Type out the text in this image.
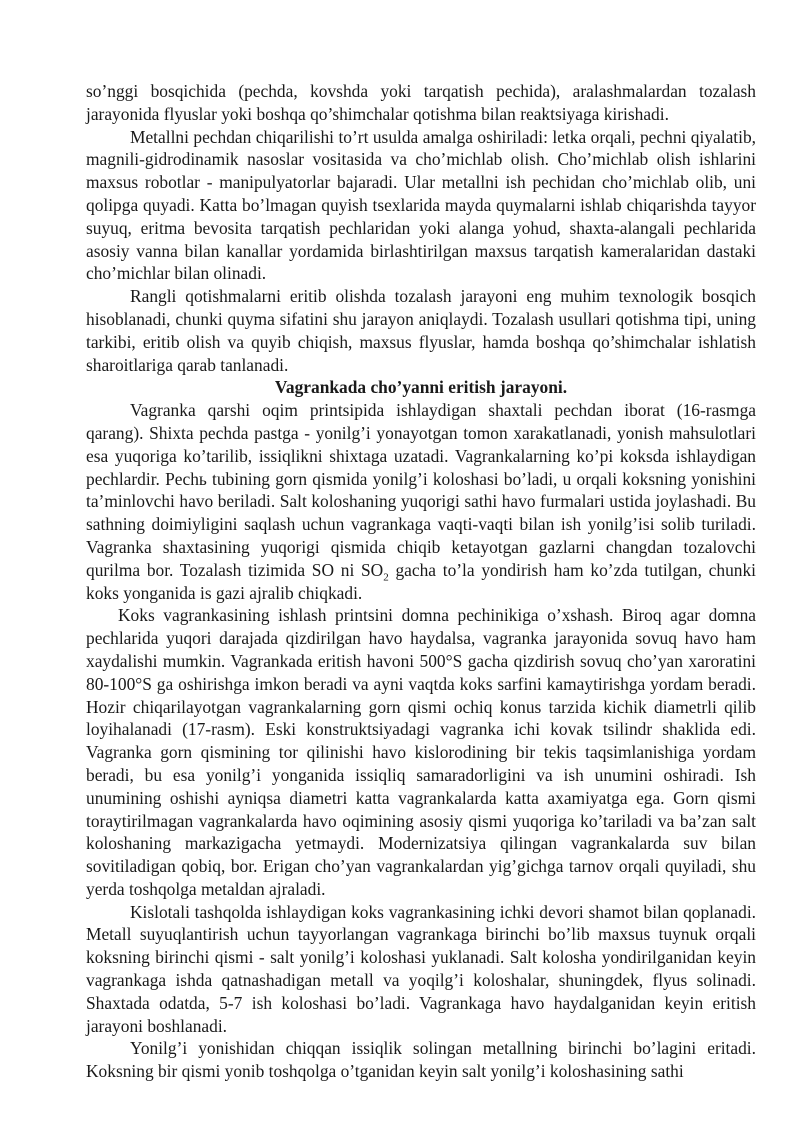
so’nggi bosqichida (pechda, kovshda yoki tarqatish pechida), aralashmalardan tozalash jarayonida flyuslar yoki boshqa qo’shimchalar qotishma bilan reaktsiyaga kirishadi.

Metallni pechdan chiqarilishi to’rt usulda amalga oshiriladi: letka orqali, pechni qiyalatib, magnili-gidrodinamik nasoslar vositasida va cho’michlab olish. Cho’michlab olish ishlarini maxsus robotlar - manipulyatorlar bajaradi. Ular metallni ish pechidan cho’michlab olib, uni qolipga quyadi. Katta bo’lmagan quyish tsexlarida mayda quymalarni ishlab chiqarishda tayyor suyuq, eritma bevosita tarqatish pechlaridan yoki alanga yohud, shaxta-alangali pechlarida asosiy vanna bilan kanallar yordamida birlashtirilgan maxsus tarqatish kameralaridan dastaki cho’michlar bilan olinadi.

Rangli qotishmalarni eritib olishda tozalash jarayoni eng muhim texnologik bosqich hisoblanadi, chunki quyma sifatini shu jarayon aniqlaydi. Tozalash usullari qotishma tipi, uning tarkibi, eritib olish va quyib chiqish, maxsus flyuslar, hamda boshqa qo’shimchalar ishlatish sharoitlariga qarab tanlanadi.

Vagrankada cho’yanni eritish jarayoni.

Vagranka qarshi oqim printsipida ishlaydigan shaxtali pechdan iborat (16-rasmga qarang). Shixta pechda pastga - yonilg’i yonayotgan tomon xarakatlanadi, yonish mahsulotlari esa yuqoriga ko’tarilib, issiqlikni shixtaga uzatadi. Vagrankalarning ko’pi koksda ishlaydigan pechlardir. Pechь tubining gorn qismida yonilg’i koloshasi bo’ladi, u orqali koksning yonishini ta’minlovchi havo beriladi. Salt koloshaning yuqorigi sathi havo furmalari ustida joylashadi. Bu sathning doimiyligini saqlash uchun vagrankaga vaqti-vaqti bilan ish yonilg’isi solib turiladi. Vagranka shaxtasining yuqorigi qismida chiqib ketayotgan gazlarni changdan tozalovchi qurilma bor. Tozalash tizimida SO ni $SO_2$ gacha to’la yondirish ham ko’zda tutilgan, chunki koks yonganida is gazi ajralib chiqkadi.

Koks vagrankasining ishlash printsini domna pechinikiga o’xshash. Biroq agar domna pechlarida yuqori darajada qizdirilgan havo haydalsa, vagranka jarayonida sovuq havo ham xaydalishi mumkin. Vagrankada eritish havoni 500°S gacha qizdirish sovuq cho’yan xaroratini 80-100°S ga oshirishga imkon beradi va ayni vaqtda koks sarfini kamaytirishga yordam beradi. Hozir chiqarilayotgan vagrankalarning gorn qismi ochiq konus tarzida kichik diametrli qilib loyihalanadi (17-rasm). Eski konstruktsiyadagi vagranka ichi kovak tsilindr shaklida edi. Vagranka gorn qismining tor qilinishi havo kislorodining bir tekis taqsimlanishiga yordam beradi, bu esa yonilg’i yonganida issiqliq samaradorligini va ish unumini oshiradi. Ish unumining oshishi ayniqsa diametri katta vagrankalarda katta axamiyatga ega. Gorn qismi toraytirilmagan vagrankalarda havo oqimining asosiy qismi yuqoriga ko’tariladi va ba’zan salt koloshaning markazigacha yetmaydi. Modernizatsiya qilingan vagrankalarda suv bilan sovitiladigan qobiq, bor. Erigan cho’yan vagrankalardan yig’gichga tarnov orqali quyiladi, shu yerda toshqolga metaldan ajraladi.

Kislotali tashqolda ishlaydigan koks vagrankasining ichki devori shamot bilan qoplanadi. Metall suyuqlantirish uchun tayyorlangan vagrankaga birinchi bo’lib maxsus tuynuk orqali koksning birinchi qismi - salt yonilg’i koloshasi yuklanadi. Salt kolosha yondirilganidan keyin vagrankaga ishda qatnashadigan metall va yoqilg’i koloshalar, shuningdek, flyus solinadi. Shaxtada odatda, 5-7 ish koloshasi bo’ladi. Vagrankaga havo haydalganidan keyin eritish jarayoni boshlanadi.

Yonilg’i yonishidan chiqqan issiqlik solingan metallning birinchi bo’lagini eritadi. Koksning bir qismi yonib toshqolga o’tganidan keyin salt yonilg’i koloshasining sathi
